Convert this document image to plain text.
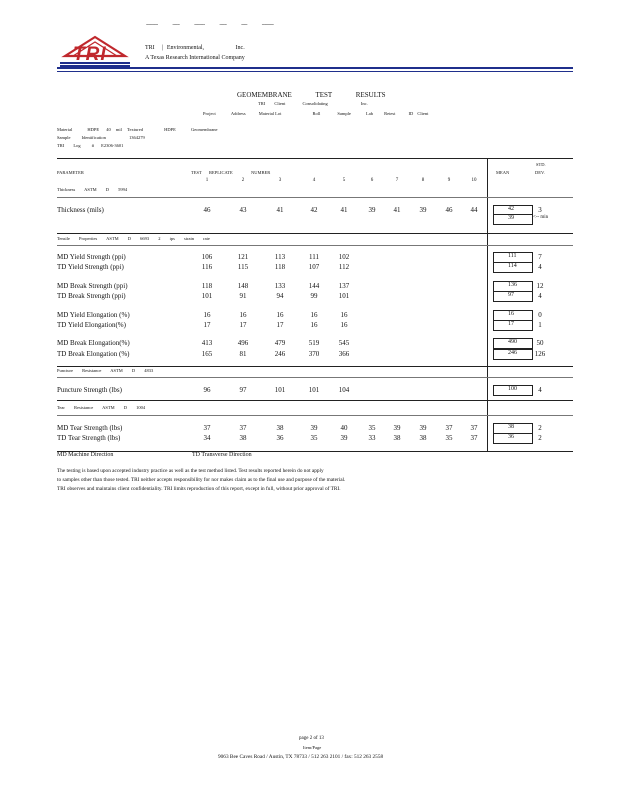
----------	------	---------	------	-----	----------
TRI	TRI | Environmental,	Inc.
A Texas Research International Company
GEOMEMBRANE TEST RESULTS
TRI Client	Consolidating	Inc.
Project	Address	Material Lot	Roll	Sample	Lab Retest	ID Client
Material	HDPE 40 mil Textured	HDPE	Geomembrane
Sample Identification	1364279
TRI Log # E2306-3601
PARAMETER	TEST REPLICATE	NUMBER	MEAN
STD.
DEV.
1	2	3	4	5	6	7	8	9	10
Thickness ASTM D 5994
Thickness (mils)	46	43	41	42	41	39	41	39	46	44	42	3
39	<-- min
Tensile Properties ASTM D 6693 2 ips strain rate
MD Yield Strength (ppi)	106	121	113	111	102	111	7
TD Yield Strength (ppi)	116	115	118	107	112	114	4
MD Break Strength (ppi)	118	148	133	144	137	136	12
TD Break Strength (ppi)	101	91	94	99	101	97	4
MD Yield Elongation (%)	16	16	16	16	16	16	0
TD Yield Elongation(%)	17	17	17	16	16	17	1
MD Break Elongation(%)	413	496	479	519	545	490	50
TD Break Elongation (%)	165	81	246	370	366	246	126
Puncture Resistance ASTM D 4833
Puncture Strength (lbs)	96	97	101	101	104	100	4
Tear Resistance ASTM D 1004
MD Tear Strength (lbs)	37	37	38	39	40	35	39	39	37	37	38	2
TD Tear Strength (lbs)	34	38	36	35	39	33	38	38	35	37	36	2
MD Machine Direction	TD Transverse Direction
The testing is based upon accepted industry practice as well as the test method listed. Test results reported herein do not apply
to samples other than those tested. TRI neither accepts responsibility for nor makes claim as to the final use and purpose of the material.
TRI observes and maintains client confidentiality. TRI limits reproduction of this report, except in full, without prior approval of TRI.
page 2 of 13
Item/Page
9063 Bee Caves Road / Austin, TX 78733 / 512 263 2101 / fax: 512 263 2558
